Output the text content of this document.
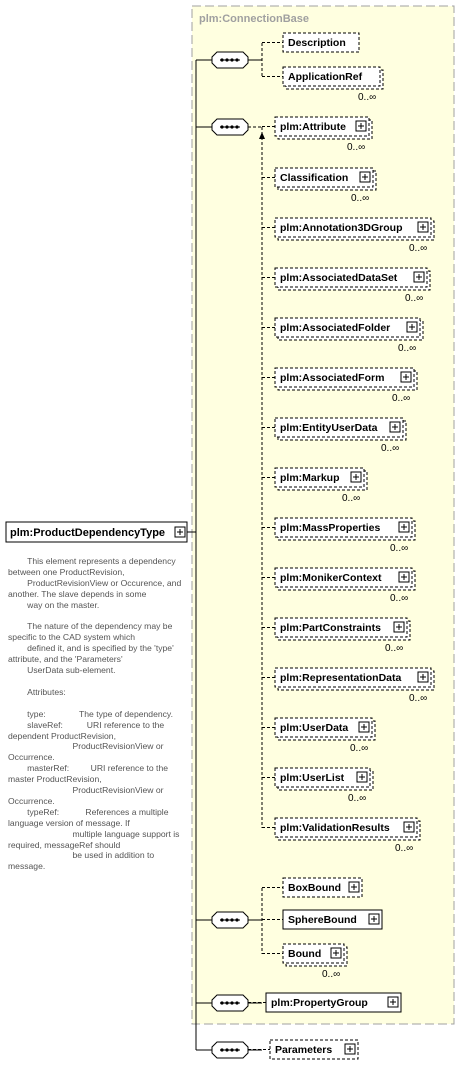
plm:ConnectionBase
plm:ProductDependencyType
Description
ApplicationRef
0..∞
plm:Attribute
0..∞
Classification
0..∞
plm:Annotation3DGroup
0..∞
plm:AssociatedDataSet
0..∞
plm:AssociatedFolder
0..∞
plm:AssociatedForm
0..∞
plm:EntityUserData
0..∞
plm:Markup
0..∞
plm:MassProperties
0..∞
plm:MonikerContext
0..∞
plm:PartConstraints
0..∞
plm:RepresentationData
0..∞
plm:UserData
0..∞
plm:UserList
0..∞
plm:ValidationResults
0..∞
BoxBound
SphereBound
Bound
0..∞
plm:PropertyGroup
Parameters
This element represents a dependency between one ProductRevision,
ProductRevisionView or Occurence, and another. The slave depends in some
way on the master.

The nature of the dependency may be specific to the CAD system which
defined it, and is specified by the 'type' attribute, and the 'Parameters'
UserData sub-element.

Attributes:

type:              The type of dependency.
slaveRef:          URI reference to the dependent ProductRevision,
ProductRevisionView or Occurrence.
masterRef:         URI reference to the master ProductRevision,
ProductRevisionView or Occurrence.
typeRef:           References a multiple language version of message. If
multiple language support is required, messageRef should
be used in addition to message.
